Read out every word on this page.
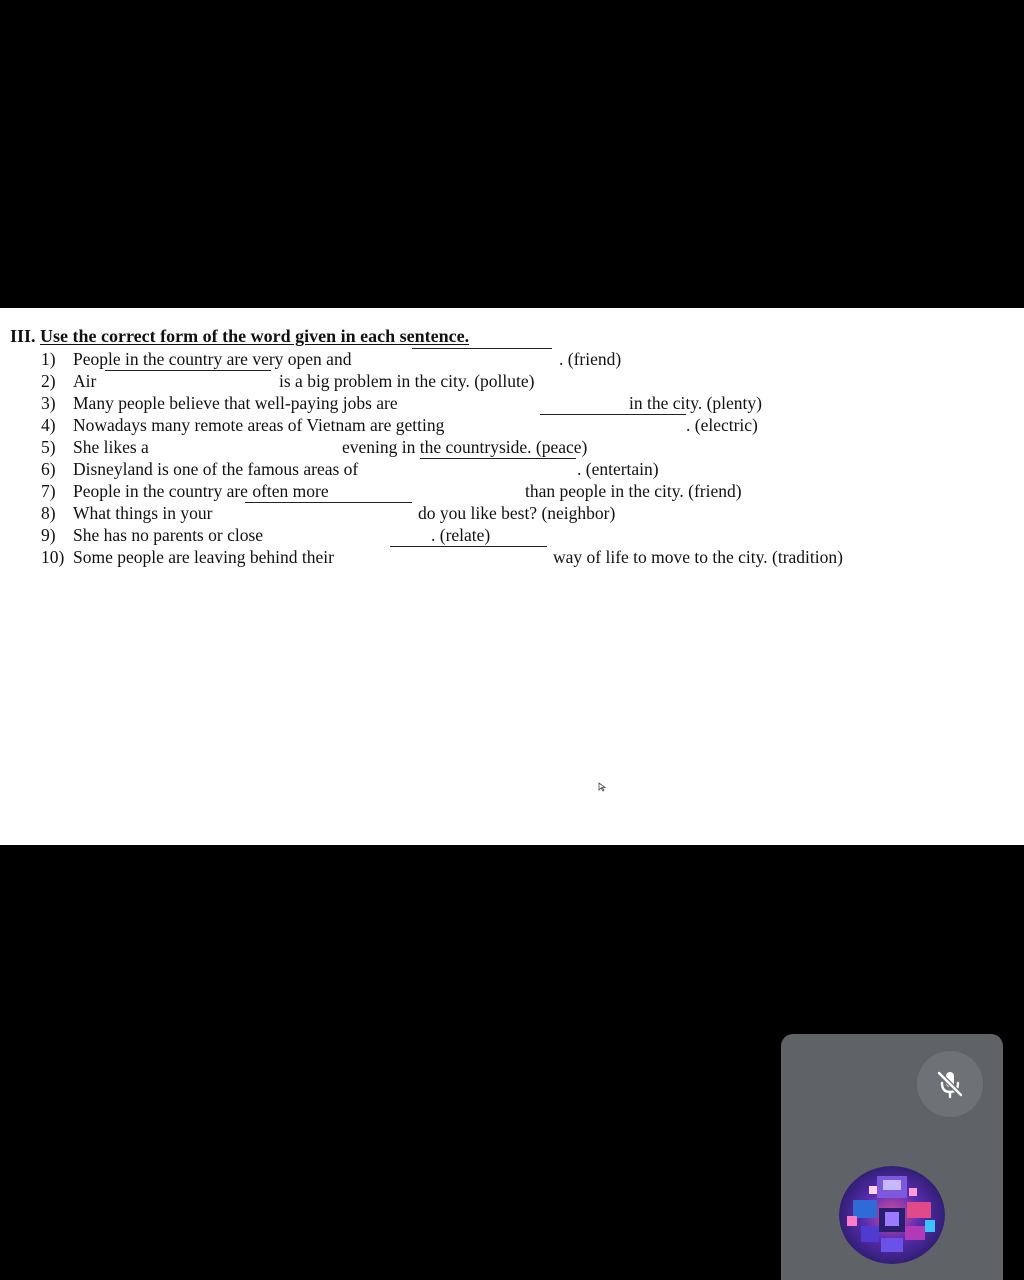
III. Use the correct form of the word given in each sentence.
1) People in the country are very open and	. (friend)
2) Air	is a big problem in the city. (pollute)
3) Many people believe that well-paying jobs are	in the city. (plenty)
4) Nowadays many remote areas of Vietnam are getting	. (electric)
5) She likes a	evening in the countryside. (peace)
6) Disneyland is one of the famous areas of	. (entertain)
7) People in the country are often more	than people in the city. (friend)
8) What things in your	do you like best? (neighbor)
9) She has no parents or close	. (relate)
10) Some people are leaving behind their	way of life to move to the city. (tradition)
